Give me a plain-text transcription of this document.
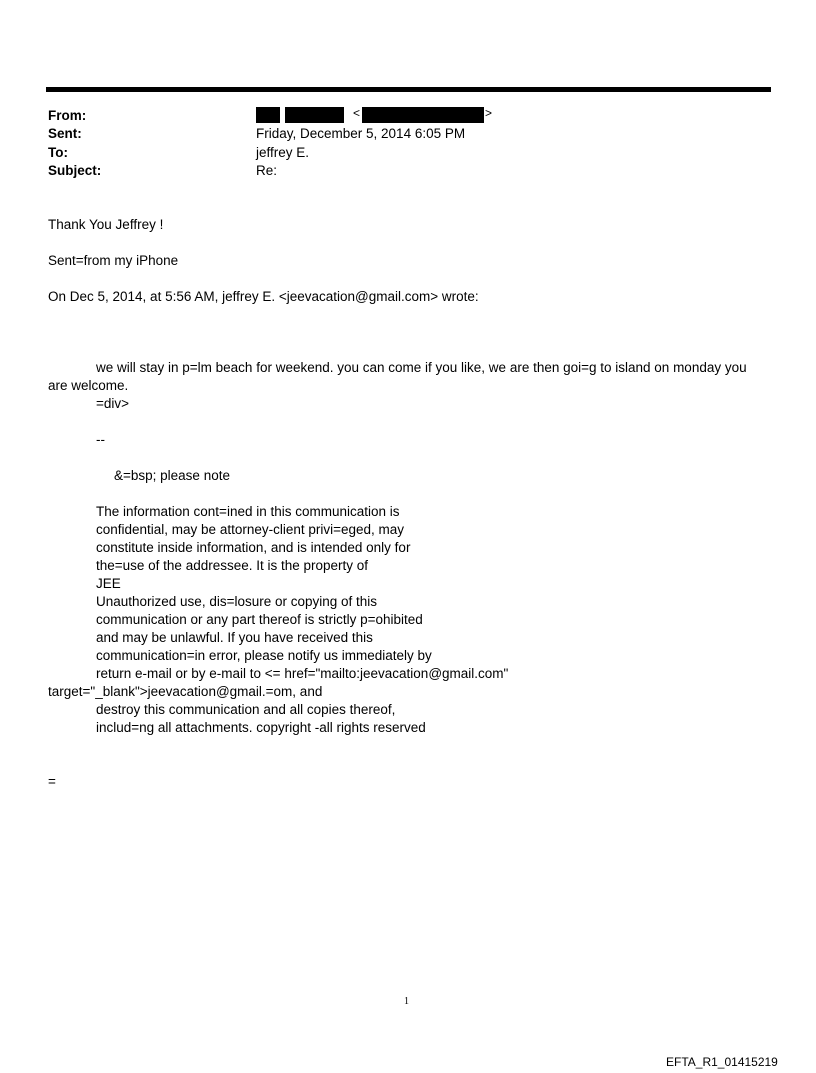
From:	<	>
Sent:	Friday, December 5, 2014 6:05 PM
To:	jeffrey E.
Subject:	Re:
Thank You Jeffrey !
Sent=from my iPhone
On Dec 5, 2014, at 5:56 AM, jeffrey E. <jeevacation@gmail.com> wrote:
we will stay in p=lm beach for weekend. you can come if you like, we are then goi=g to island on monday you
are welcome.
=div>
--
&=bsp; please note
The information cont=ined in this communication is
confidential, may be attorney-client privi=eged, may
constitute inside information, and is intended only for
the=use of the addressee. It is the property of
JEE
Unauthorized use, dis=losure or copying of this
communication or any part thereof is strictly p=ohibited
and may be unlawful. If you have received this
communication=in error, please notify us immediately by
return e-mail or by e-mail to <= href="mailto:jeevacation@gmail.com"
target="_blank">jeevacation@gmail.=om, and
destroy this communication and all copies thereof,
includ=ng all attachments. copyright -all rights reserved
=
1
EFTA_R1_01415219
